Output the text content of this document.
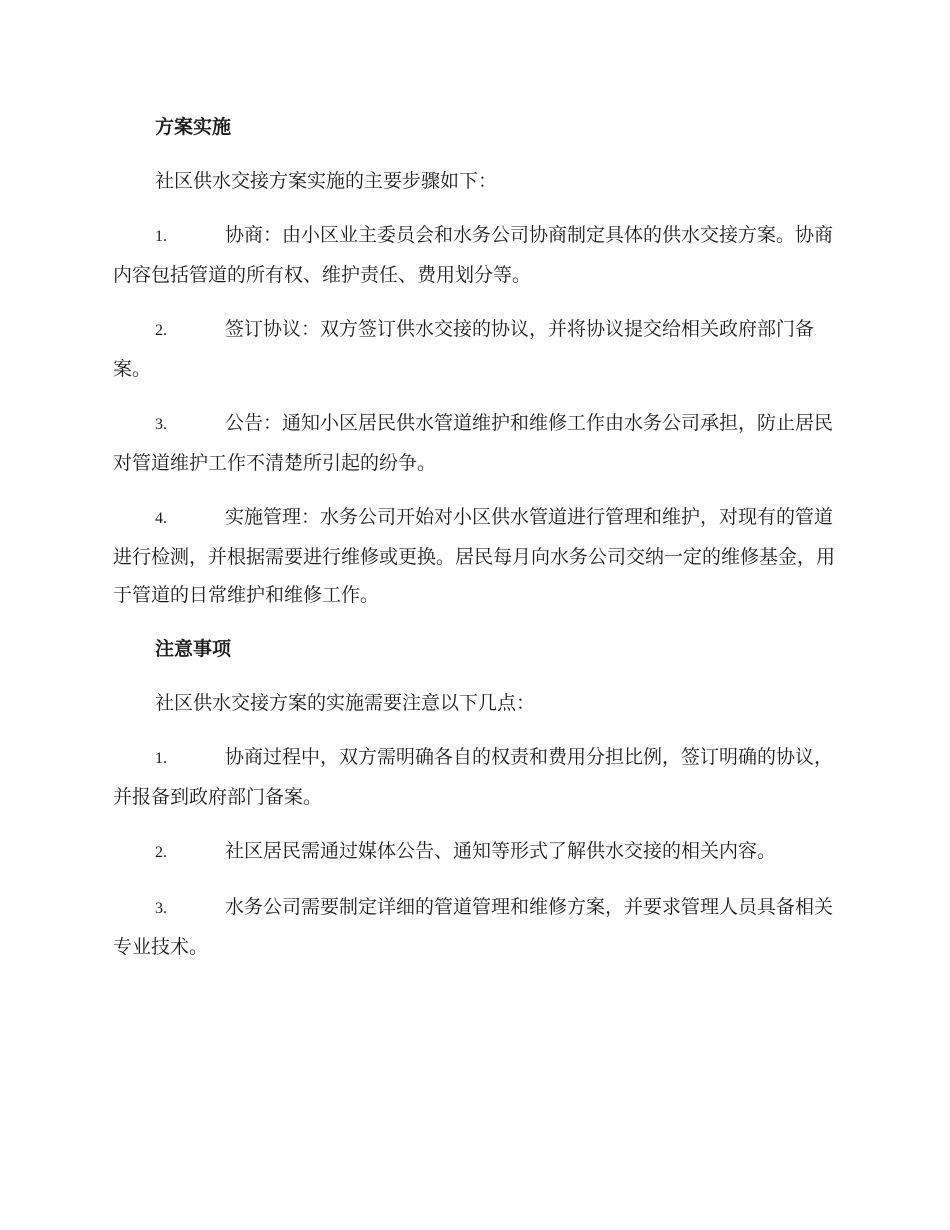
方案实施
社区供水交接方案实施的主要步骤如下：
1.	协商：由小区业主委员会和水务公司协商制定具体的供水交接方案。协商内容包括管道的所有权、维护责任、费用划分等。
2.	签订协议：双方签订供水交接的协议，并将协议提交给相关政府部门备案。
3.	公告：通知小区居民供水管道维护和维修工作由水务公司承担，防止居民对管道维护工作不清楚所引起的纷争。
4.	实施管理：水务公司开始对小区供水管道进行管理和维护，对现有的管道进行检测，并根据需要进行维修或更换。居民每月向水务公司交纳一定的维修基金，用于管道的日常维护和维修工作。
注意事项
社区供水交接方案的实施需要注意以下几点：
1.	协商过程中，双方需明确各自的权责和费用分担比例，签订明确的协议，并报备到政府部门备案。
2.	社区居民需通过媒体公告、通知等形式了解供水交接的相关内容。
3.	水务公司需要制定详细的管道管理和维修方案，并要求管理人员具备相关专业技术。
